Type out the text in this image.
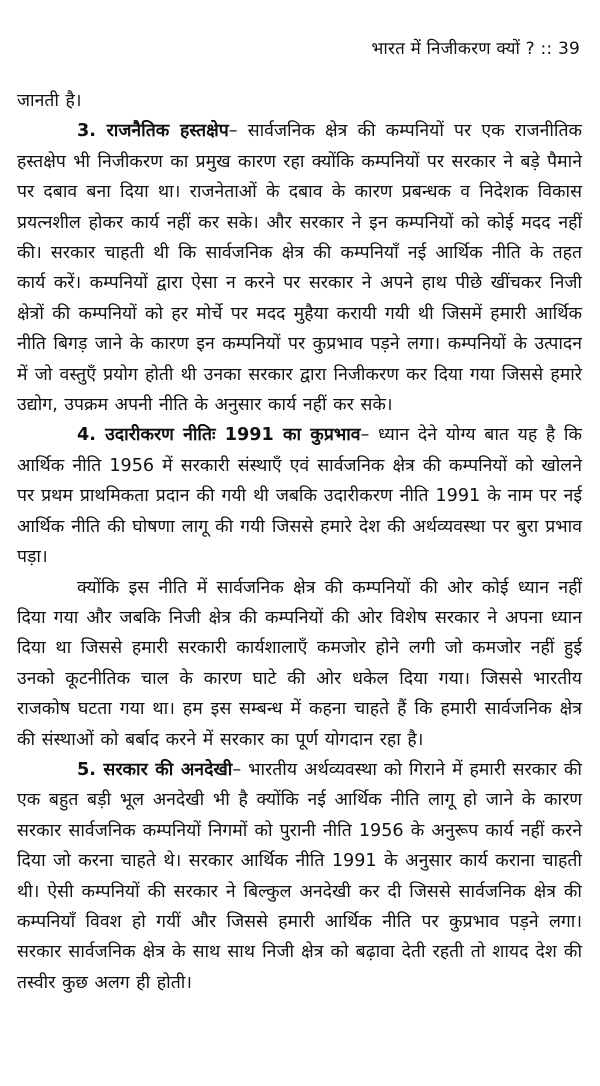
भारत में निजीकरण क्यों ? :: 39

जानती है।

3. राजनैतिक हस्तक्षेप– सार्वजनिक क्षेत्र की कम्पनियों पर एक राजनीतिक हस्तक्षेप भी निजीकरण का प्रमुख कारण रहा क्योंकि कम्पनियों पर सरकार ने बड़े पैमाने पर दबाव बना दिया था। राजनेताओं के दबाव के कारण प्रबन्धक व निदेशक विकास प्रयत्नशील होकर कार्य नहीं कर सके। और सरकार ने इन कम्पनियों को कोई मदद नहीं की। सरकार चाहती थी कि सार्वजनिक क्षेत्र की कम्पनियाँ नई आर्थिक नीति के तहत कार्य करें। कम्पनियों द्वारा ऐसा न करने पर सरकार ने अपने हाथ पीछे खींचकर निजी क्षेत्रों की कम्पनियों को हर मोर्चे पर मदद मुहैया करायी गयी थी जिसमें हमारी आर्थिक नीति बिगड़ जाने के कारण इन कम्पनियों पर कुप्रभाव पड़ने लगा। कम्पनियों के उत्पादन में जो वस्तुएँ प्रयोग होती थी उनका सरकार द्वारा निजीकरण कर दिया गया जिससे हमारे उद्योग, उपक्रम अपनी नीति के अनुसार कार्य नहीं कर सके।

4. उदारीकरण नीतिः 1991 का कुप्रभाव– ध्यान देने योग्य बात यह है कि आर्थिक नीति 1956 में सरकारी संस्थाएँ एवं सार्वजनिक क्षेत्र की कम्पनियों को खोलने पर प्रथम प्राथमिकता प्रदान की गयी थी जबकि उदारीकरण नीति 1991 के नाम पर नई आर्थिक नीति की घोषणा लागू की गयी जिससे हमारे देश की अर्थव्यवस्था पर बुरा प्रभाव पड़ा।

क्योंकि इस नीति में सार्वजनिक क्षेत्र की कम्पनियों की ओर कोई ध्यान नहीं दिया गया और जबकि निजी क्षेत्र की कम्पनियों की ओर विशेष सरकार ने अपना ध्यान दिया था जिससे हमारी सरकारी कार्यशालाएँ कमजोर होने लगी जो कमजोर नहीं हुई उनको कूटनीतिक चाल के कारण घाटे की ओर धकेल दिया गया। जिससे भारतीय राजकोष घटता गया था। हम इस सम्बन्ध में कहना चाहते हैं कि हमारी सार्वजनिक क्षेत्र की संस्थाओं को बर्बाद करने में सरकार का पूर्ण योगदान रहा है।

5. सरकार की अनदेखी– भारतीय अर्थव्यवस्था को गिराने में हमारी सरकार की एक बहुत बड़ी भूल अनदेखी भी है क्योंकि नई आर्थिक नीति लागू हो जाने के कारण सरकार सार्वजनिक कम्पनियों निगमों को पुरानी नीति 1956 के अनुरूप कार्य नहीं करने दिया जो करना चाहते थे। सरकार आर्थिक नीति 1991 के अनुसार कार्य कराना चाहती थी। ऐसी कम्पनियों की सरकार ने बिल्कुल अनदेखी कर दी जिससे सार्वजनिक क्षेत्र की कम्पनियाँ विवश हो गयीं और जिससे हमारी आर्थिक नीति पर कुप्रभाव पड़ने लगा। सरकार सार्वजनिक क्षेत्र के साथ साथ निजी क्षेत्र को बढ़ावा देती रहती तो शायद देश की तस्वीर कुछ अलग ही होती।
